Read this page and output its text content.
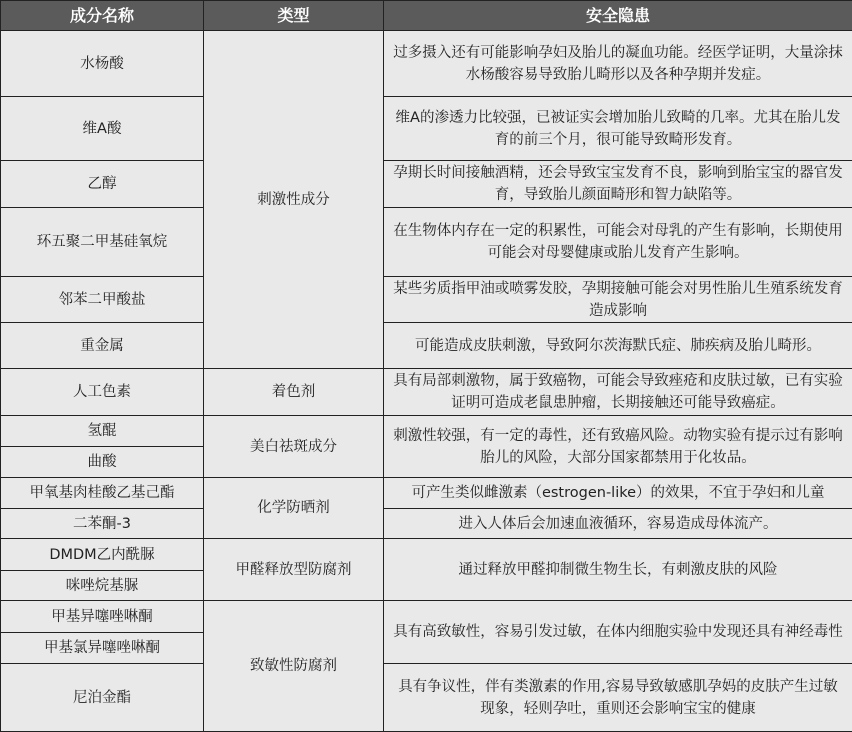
成分名称	类型	安全隐患
水杨酸	刺激性成分	过多摄入还有可能影响孕妇及胎儿的凝血功能。经医学证明，大量涂抹水杨酸容易导致胎儿畸形以及各种孕期并发症。
维A酸		维A的渗透力比较强，已被证实会增加胎儿致畸的几率。尤其在胎儿发育的前三个月，很可能导致畸形发育。
乙醇		孕期长时间接触酒精，还会导致宝宝发育不良，影响到胎宝宝的器官发育，导致胎儿颜面畸形和智力缺陷等。
环五聚二甲基硅氧烷		在生物体内存在一定的积累性，可能会对母乳的产生有影响，长期使用可能会对母婴健康或胎儿发育产生影响。
邻苯二甲酸盐		某些劣质指甲油或喷雾发胶，孕期接触可能会对男性胎儿生殖系统发育造成影响
重金属		可能造成皮肤刺激，导致阿尔茨海默氏症、肺疾病及胎儿畸形。
人工色素	着色剂	具有局部刺激物，属于致癌物，可能会导致痤疮和皮肤过敏，已有实验证明可造成老鼠患肿瘤，长期接触还可能导致癌症。
氢醌	美白祛斑成分	刺激性较强，有一定的毒性，还有致癌风险。动物实验有提示过有影响胎儿的风险，大部分国家都禁用于化妆品。
曲酸		
甲氧基肉桂酸乙基己酯	化学防晒剂	可产生类似雌激素（estrogen-like）的效果，不宜于孕妇和儿童
二苯酮-3		进入人体后会加速血液循环，容易造成母体流产。
DMDM乙内酰脲	甲醛释放型防腐剂	通过释放甲醛抑制微生物生长，有刺激皮肤的风险
咪唑烷基脲		
甲基异噻唑啉酮	致敏性防腐剂	具有高致敏性，容易引发过敏，在体内细胞实验中发现还具有神经毒性
甲基氯异噻唑啉酮		
尼泊金酯		具有争议性，伴有类激素的作用,容易导致敏感肌孕妈的皮肤产生过敏现象，轻则孕吐，重则还会影响宝宝的健康
